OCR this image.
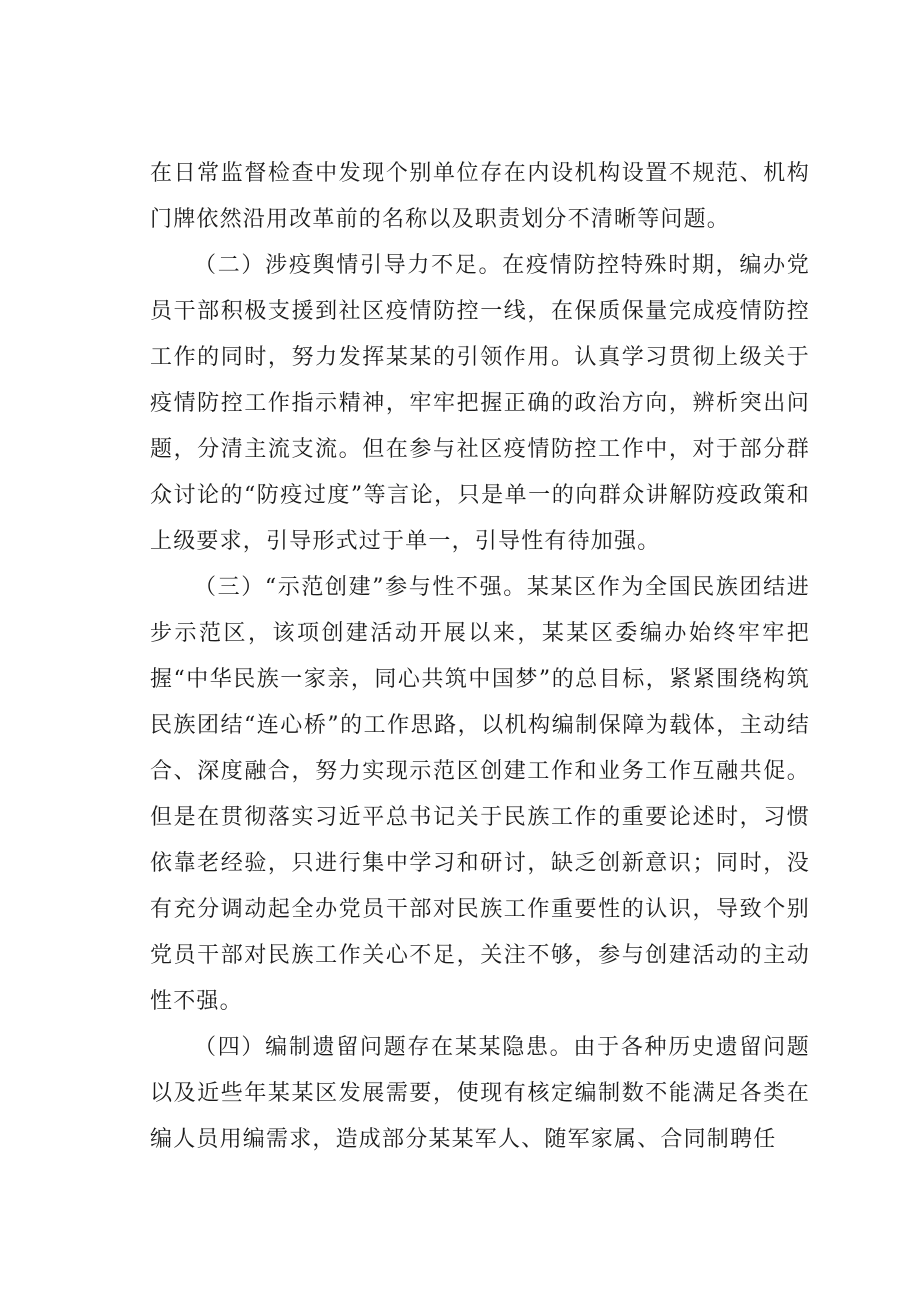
在日常监督检查中发现个别单位存在内设机构设置不规范、机构门牌依然沿用改革前的名称以及职责划分不清晰等问题。

（二）涉疫舆情引导力不足。在疫情防控特殊时期，编办党员干部积极支援到社区疫情防控一线，在保质保量完成疫情防控工作的同时，努力发挥某某的引领作用。认真学习贯彻上级关于疫情防控工作指示精神，牢牢把握正确的政治方向，辨析突出问题，分清主流支流。但在参与社区疫情防控工作中，对于部分群众讨论的“防疫过度”等言论，只是单一的向群众讲解防疫政策和上级要求，引导形式过于单一，引导性有待加强。

（三）“示范创建”参与性不强。某某区作为全国民族团结进步示范区，该项创建活动开展以来，某某区委编办始终牢牢把握“中华民族一家亲，同心共筑中国梦”的总目标，紧紧围绕构筑民族团结“连心桥”的工作思路，以机构编制保障为载体，主动结合、深度融合，努力实现示范区创建工作和业务工作互融共促。但是在贯彻落实习近平总书记关于民族工作的重要论述时，习惯依靠老经验，只进行集中学习和研讨，缺乏创新意识；同时，没有充分调动起全办党员干部对民族工作重要性的认识，导致个别党员干部对民族工作关心不足，关注不够，参与创建活动的主动性不强。

（四）编制遗留问题存在某某隐患。由于各种历史遗留问题以及近些年某某区发展需要，使现有核定编制数不能满足各类在编人员用编需求，造成部分某某军人、随军家属、合同制聘任
